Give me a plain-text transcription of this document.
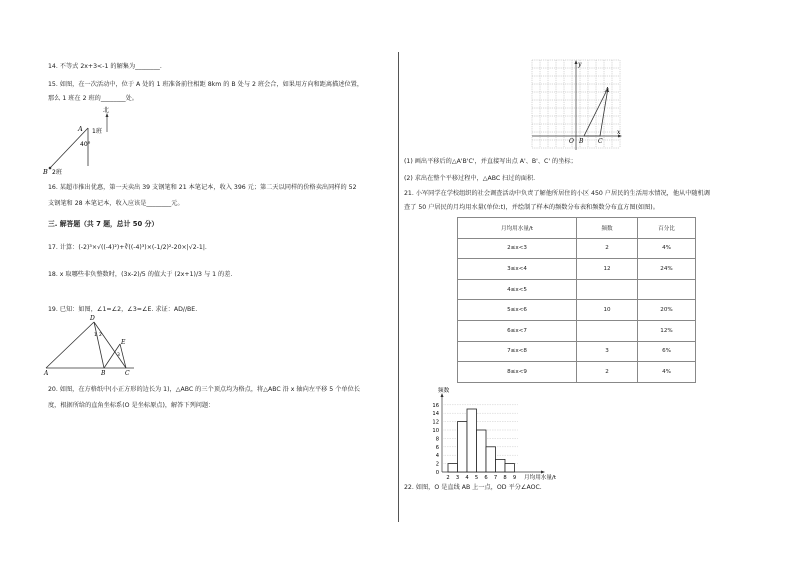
14. 不等式 2x+3<-1 的解集为________.
15. 如图，在一次活动中，位于 A 处的 1 班准备前往相距 8km 的 B 处与 2 班会合，如果用方向和距离描述位置，
那么 1 班在 2 班的________处。
北
A 1班
40°
B 2班
16. 某超市推出优惠，第一天卖出 39 支钢笔和 21 本笔记本，收入 396 元；第二天以同样的价格卖出同样的 52
支钢笔和 28 本笔记本，收入应该是________元。
三. 解答题（共 7 题，总计 50 分）
17. 计算：(-2)³×√((-4)²)+∛((-4)³)×(-1/2)²-20×|√2-1|.
18. x 取哪些非负整数时，(3x-2)/5 的值大于 (2x+1)/3 与 1 的差.
19. 已知：如图，∠1=∠2，∠3=∠E. 求证：AD//BE.
D
E
A	B	C
1 2
3
20. 如图，在方格纸中(小正方形的边长为 1)，△ABC 的三个顶点均为格点，将△ABC 沿 x 轴向左平移 5 个单位长
度，根据所给的直角坐标系(O 是坐标原点)，解答下列问题：
y
x
O
A
B C
(1) 画出平移后的△A'B'C'，并直接写出点 A'、B'、C' 的坐标；
(2) 求出在整个平移过程中，△ABC 扫过的面积.
21. 小军同学在学校组织的社会调查活动中负责了解他所居住的小区 450 户居民的生活用水情况，他从中随机调
查了 50 户居民的月均用水量(单位:t)，并绘制了样本的频数分布表和频数分布直方图(如图)。
月均用水量/t	频数	百分比
2≤x<3	2	4%
3≤x<4	12	24%
4≤x<5		
5≤x<6	10	20%
6≤x<7		12%
7≤x<8	3	6%
8≤x<9	2	4%
16
14
12
10
8
6
4
2
0
2 3 4 5 6 7 8 9
频数
月均用水量/t
22. 如图，O 是直线 AB 上一点，OD 平分∠AOC.
